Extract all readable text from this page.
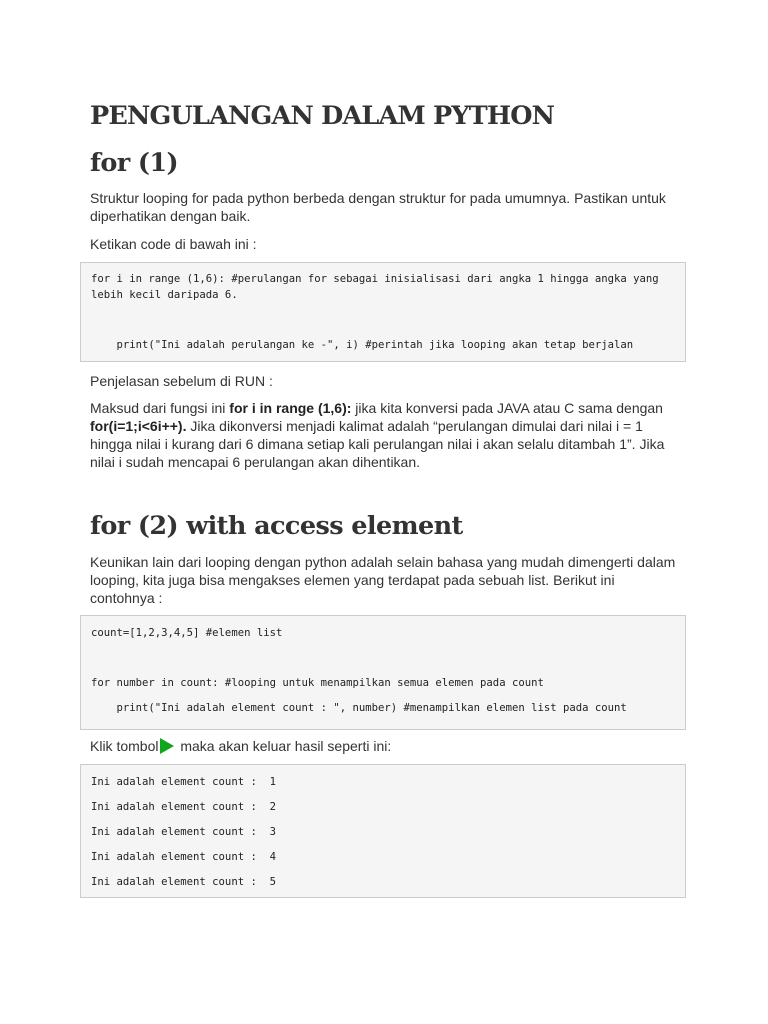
PENGULANGAN DALAM PYTHON
for (1)

Struktur looping for pada python berbeda dengan struktur for pada umumnya. Pastikan untuk diperhatikan dengan baik.

Ketikan code di bawah ini :

for i in range (1,6): #perulangan for sebagai inisialisasi dari angka 1 hingga angka yang lebih kecil daripada 6.
print("Ini adalah perulangan ke -", i) #perintah jika looping akan tetap berjalan

Penjelasan sebelum di RUN :

Maksud dari fungsi ini for i in range (1,6): jika kita konversi pada JAVA atau C sama dengan for(i=1;i<6i++). Jika dikonversi menjadi kalimat adalah “perulangan dimulai dari nilai i = 1 hingga nilai i kurang dari 6 dimana setiap kali perulangan nilai i akan selalu ditambah 1”. Jika nilai i sudah mencapai 6 perulangan akan dihentikan.

for (2) with access element

Keunikan lain dari looping dengan python adalah selain bahasa yang mudah dimengerti dalam looping, kita juga bisa mengakses elemen yang terdapat pada sebuah list. Berikut ini contohnya :

count=[1,2,3,4,5] #elemen list
for number in count: #looping untuk menampilkan semua elemen pada count
print("Ini adalah element count : ", number) #menampilkan elemen list pada count

Klik tombol maka akan keluar hasil seperti ini:

Ini adalah element count :  1
Ini adalah element count :  2
Ini adalah element count :  3
Ini adalah element count :  4
Ini adalah element count :  5
